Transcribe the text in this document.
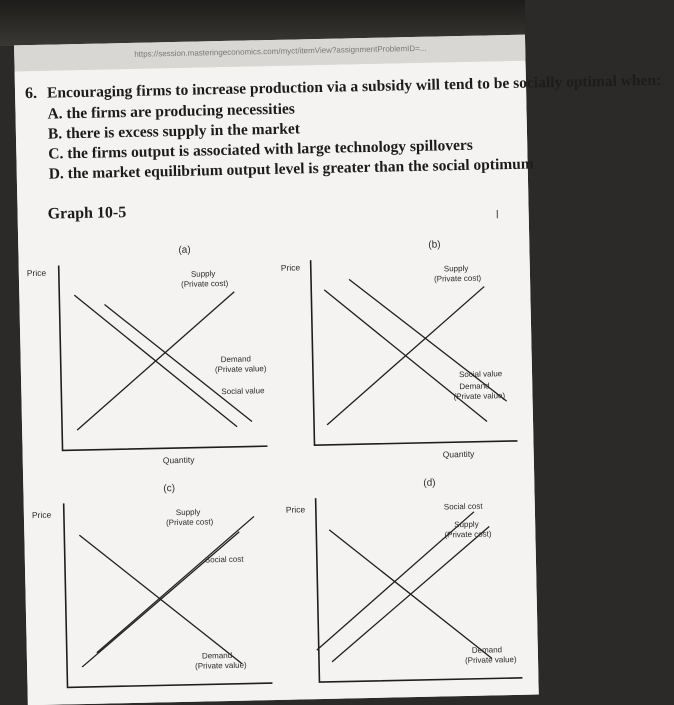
https://session.masteringeconomics.com/myct/itemView?assignmentProblemID=...
6. Encouraging firms to increase production via a subsidy will tend to be socially optimal when:
A. the firms are producing necessities
B. there is excess supply in the market
C. the firms output is associated with large technology spillovers
D. the market equilibrium output level is greater than the social optimum
Graph 10-5	I
(a)
Price	Supply
(Private cost)
Demand
(Private value)
Social value
Quantity
(b)
Price	Supply
(Private cost)
Social value
Demand
(Private value)
Quantity
(c)
Price	Supply
(Private cost)
Social cost
Demand
(Private value)
(d)
Price	Social cost
Supply
(Private cost)
Demand
(Private value)
